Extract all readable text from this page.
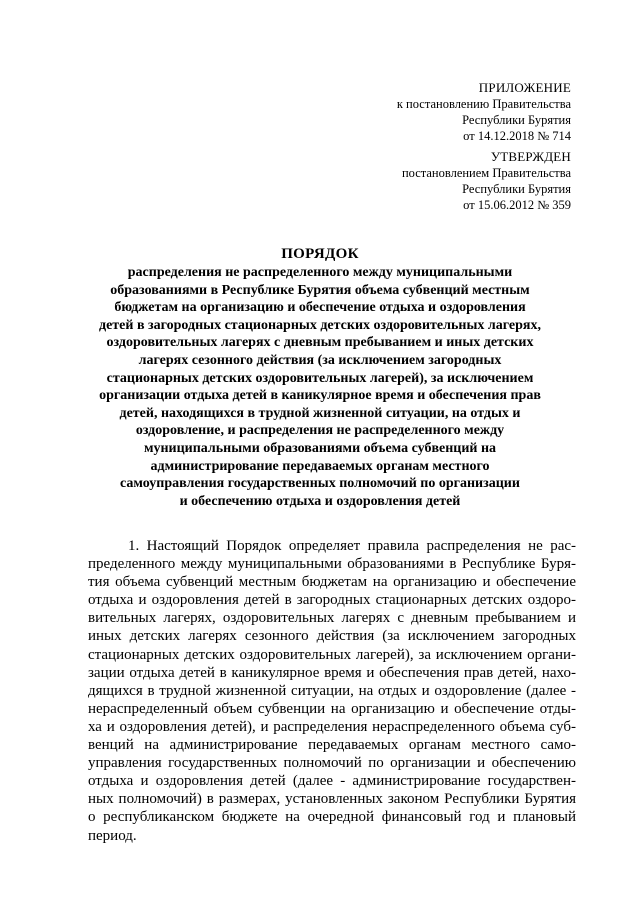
ПРИЛОЖЕНИЕ
к постановлению Правительства
Республики Бурятия
от 14.12.2018 № 714
УТВЕРЖДЕН
постановлением Правительства
Республики Бурятия
от 15.06.2012 № 359
ПОРЯДОК
распределения не распределенного между муниципальными
образованиями в Республике Бурятия объема субвенций местным
бюджетам на организацию и обеспечение отдыха и оздоровления
детей в загородных стационарных детских оздоровительных лагерях,
оздоровительных лагерях с дневным пребыванием и иных детских
лагерях сезонного действия (за исключением загородных
стационарных детских оздоровительных лагерей), за исключением
организации отдыха детей в каникулярное время и обеспечения прав
детей, находящихся в трудной жизненной ситуации, на отдых и
оздоровление, и распределения не распределенного между
муниципальными образованиями объема субвенций на
администрирование передаваемых органам местного
самоуправления государственных полномочий по организации
и обеспечению отдыха и оздоровления детей
1. Настоящий Порядок определяет правила распределения не рас-
пределенного между муниципальными образованиями в Республике Буря-
тия объема субвенций местным бюджетам на организацию и обеспечение
отдыха и оздоровления детей в загородных стационарных детских оздоро-
вительных лагерях, оздоровительных лагерях с дневным пребыванием и
иных детских лагерях сезонного действия (за исключением загородных
стационарных детских оздоровительных лагерей), за исключением органи-
зации отдыха детей в каникулярное время и обеспечения прав детей, нахо-
дящихся в трудной жизненной ситуации, на отдых и оздоровление (далее -
нераспределенный объем субвенции на организацию и обеспечение отды-
ха и оздоровления детей), и распределения нераспределенного объема суб-
венций на администрирование передаваемых органам местного само-
управления государственных полномочий по организации и обеспечению
отдыха и оздоровления детей (далее - администрирование государствен-
ных полномочий) в размерах, установленных законом Республики Бурятия
о республиканском бюджете на очередной финансовый год и плановый
период.
